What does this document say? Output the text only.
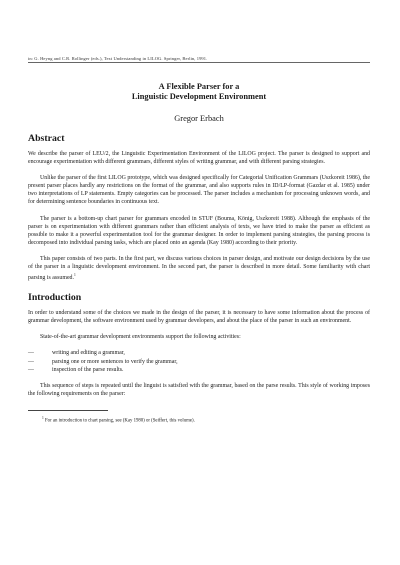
in: G. Heyng and C.R. Rollinger (eds.), Text Understanding in LILOG. Springer, Berlin, 1991.
A Flexible Parser for a
Linguistic Development Environment
Gregor Erbach
Abstract

We describe the parser of LEU/2, the Linguistic Experimentation Environment of the LILOG project. The parser is designed to support and encourage experimentation with different grammars, different styles of writing grammar, and with different parsing strategies.

Unlike the parser of the first LILOG prototype, which was designed specifically for Categorial Unification Grammars (Uszkoreit 1986), the present parser places hardly any restrictions on the format of the grammar, and also supports rules in ID/LP-format (Gazdar et al. 1985) under two interpretations of LP statements. Empty categories can be processed. The parser includes a mechanism for processing unknown words, and for determining sentence boundaries in continuous text.

The parser is a bottom-up chart parser for grammars encoded in STUF (Bouma, König, Uszkoreit 1988). Although the emphasis of the parser is on experimentation with different grammars rather than efficient analysis of texts, we have tried to make the parser as efficient as possible to make it a powerful experimentation tool for the grammar designer. In order to implement parsing strategies, the parsing process is decomposed into individual parsing tasks, which are placed onto an agenda (Kay 1980) according to their priority.

This paper consists of two parts. In the first part, we discuss various choices in parser design, and motivate our design decisions by the use of the parser in a linguistic development environment. In the second part, the parser is described in more detail. Some familiarity with chart parsing is assumed.$^1$

Introduction

In order to understand some of the choices we made in the design of the parser, it is necessary to have some information about the process of grammar development, the software environment used by grammar developers, and about the place of the parser in such an environment.

State-of-the-art grammar development environments support the following activities:

—	writing and editing a grammar,
—	parsing one or more sentences to verify the grammar,
—	inspection of the parse results.

This sequence of steps is repeated until the linguist is satisfied with the grammar, based on the parse results. This style of working imposes the following requirements on the parser:

$^1$ For an introduction to chart parsing, see (Kay 1980) or (Seiffert, this volume).
